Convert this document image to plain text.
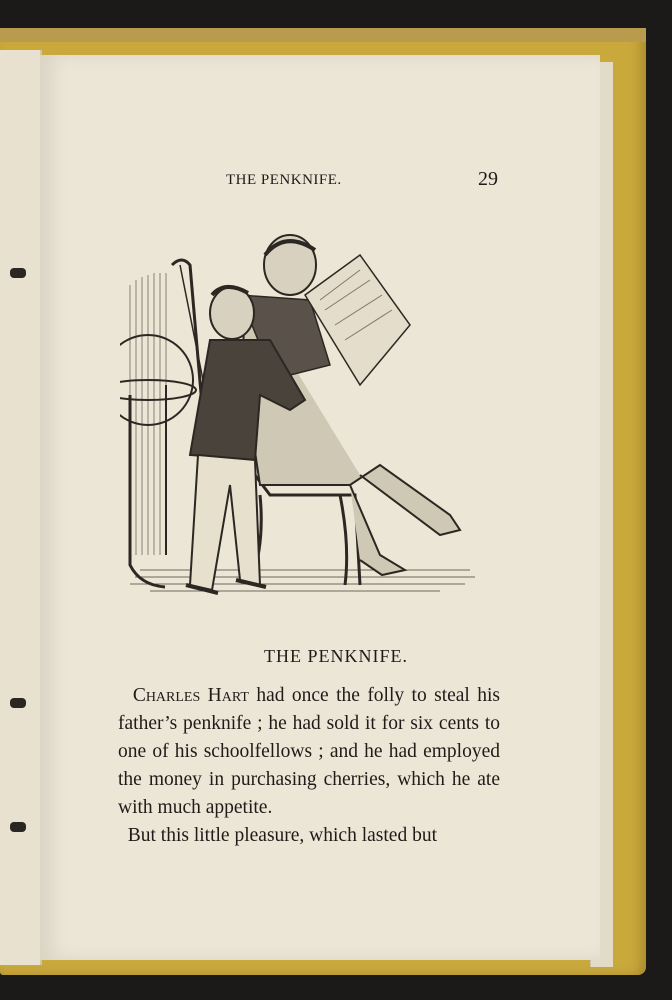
THE PENKNIFE.	29
THE PENKNIFE.

Charles Hart had once the folly to steal his father’s penknife ; he had sold it for six cents to one of his schoolfellows ; and he had employed the money in purchasing cherries, which he ate with much appetite.

But this little pleasure, which lasted but
